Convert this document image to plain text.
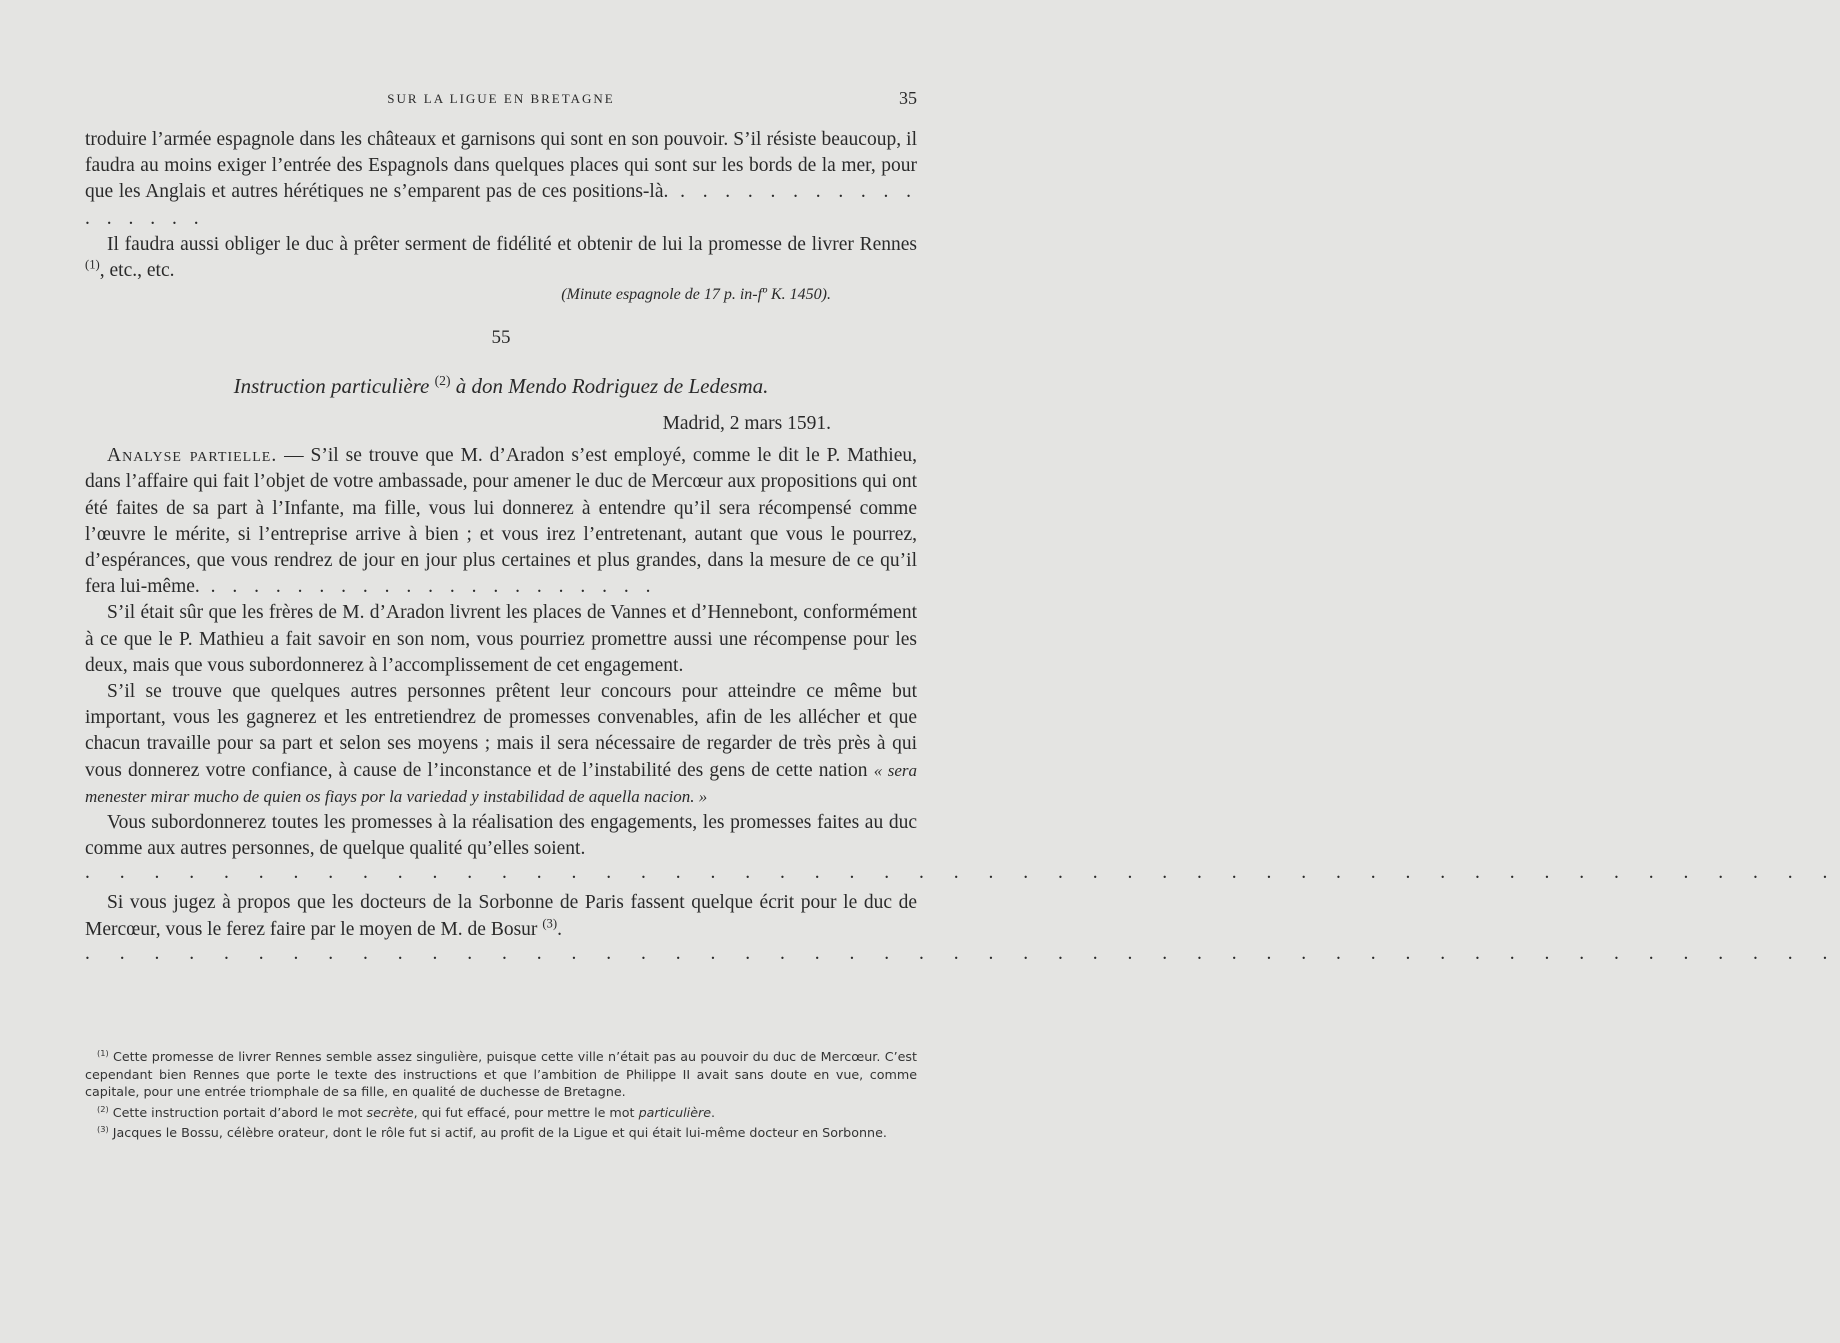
SUR LA LIGUE EN BRETAGNE	35

troduire l’armée espagnole dans les châteaux et garnisons qui sont en son pouvoir. S’il résiste beaucoup, il faudra au moins exiger l’entrée des Espagnols dans quelques places qui sont sur les bords de la mer, pour que les Anglais et autres hérétiques ne s’emparent pas de ces positions-là. . . . . . . . . . . . . . . . . .

Il faudra aussi obliger le duc à prêter serment de fidélité et obtenir de lui la promesse de livrer Rennes $^{(1)}$, etc., etc.

(Minute espagnole de 17 p. in-fº K. 1450).
55
Instruction particulière $^{(2)}$ à don Mendo Rodriguez de Ledesma.
Madrid, 2 mars 1591.

Analyse partielle. — S’il se trouve que M. d’Aradon s’est employé, comme le dit le P. Mathieu, dans l’affaire qui fait l’objet de votre ambassade, pour amener le duc de Mercœur aux propositions qui ont été faites de sa part à l’Infante, ma fille, vous lui donnerez à entendre qu’il sera récompensé comme l’œuvre le mérite, si l’entreprise arrive à bien ; et vous irez l’entretenant, autant que vous le pourrez, d’espérances, que vous rendrez de jour en jour plus certaines et plus grandes, dans la mesure de ce qu’il fera lui-même. . . . . . . . . . . . . . . . . . . . . .

S’il était sûr que les frères de M. d’Aradon livrent les places de Vannes et d’Hennebont, conformément à ce que le P. Mathieu a fait savoir en son nom, vous pourriez promettre aussi une récompense pour les deux, mais que vous subordonnerez à l’accomplissement de cet engagement.

S’il se trouve que quelques autres personnes prêtent leur concours pour atteindre ce même but important, vous les gagnerez et les entretiendrez de promesses convenables, afin de les allécher et que chacun travaille pour sa part et selon ses moyens ; mais il sera nécessaire de regarder de très près à qui vous donnerez votre confiance, à cause de l’inconstance et de l’instabilité des gens de cette nation « sera menester mirar mucho de quien os fiays por la variedad y instabilidad de aquella nacion. »

Vous subordonnerez toutes les promesses à la réalisation des engagements, les promesses faites au duc comme aux autres personnes, de quelque qualité qu’elles soient.

. . . . . . . . . . . . . . . . . . . . . . . . . . . . . . . . . . . . . . . . . . . . . . . . . . .

Si vous jugez à propos que les docteurs de la Sorbonne de Paris fassent quelque écrit pour le duc de Mercœur, vous le ferez faire par le moyen de M. de Bosur $^{(3)}$.

. . . . . . . . . . . . . . . . . . . . . . . . . . . . . . . . . . . . . . . . . . . . . . . . . . .

$^{(1)}$ Cette promesse de livrer Rennes semble assez singulière, puisque cette ville n’était pas au pouvoir du duc de Mercœur. C’est cependant bien Rennes que porte le texte des instructions et que l’ambition de Philippe II avait sans doute en vue, comme capitale, pour une entrée triomphale de sa fille, en qualité de duchesse de Bretagne.

$^{(2)}$ Cette instruction portait d’abord le mot secrète, qui fut effacé, pour mettre le mot particulière.

$^{(3)}$ Jacques le Bossu, célèbre orateur, dont le rôle fut si actif, au profit de la Ligue et qui était lui-même docteur en Sorbonne.
